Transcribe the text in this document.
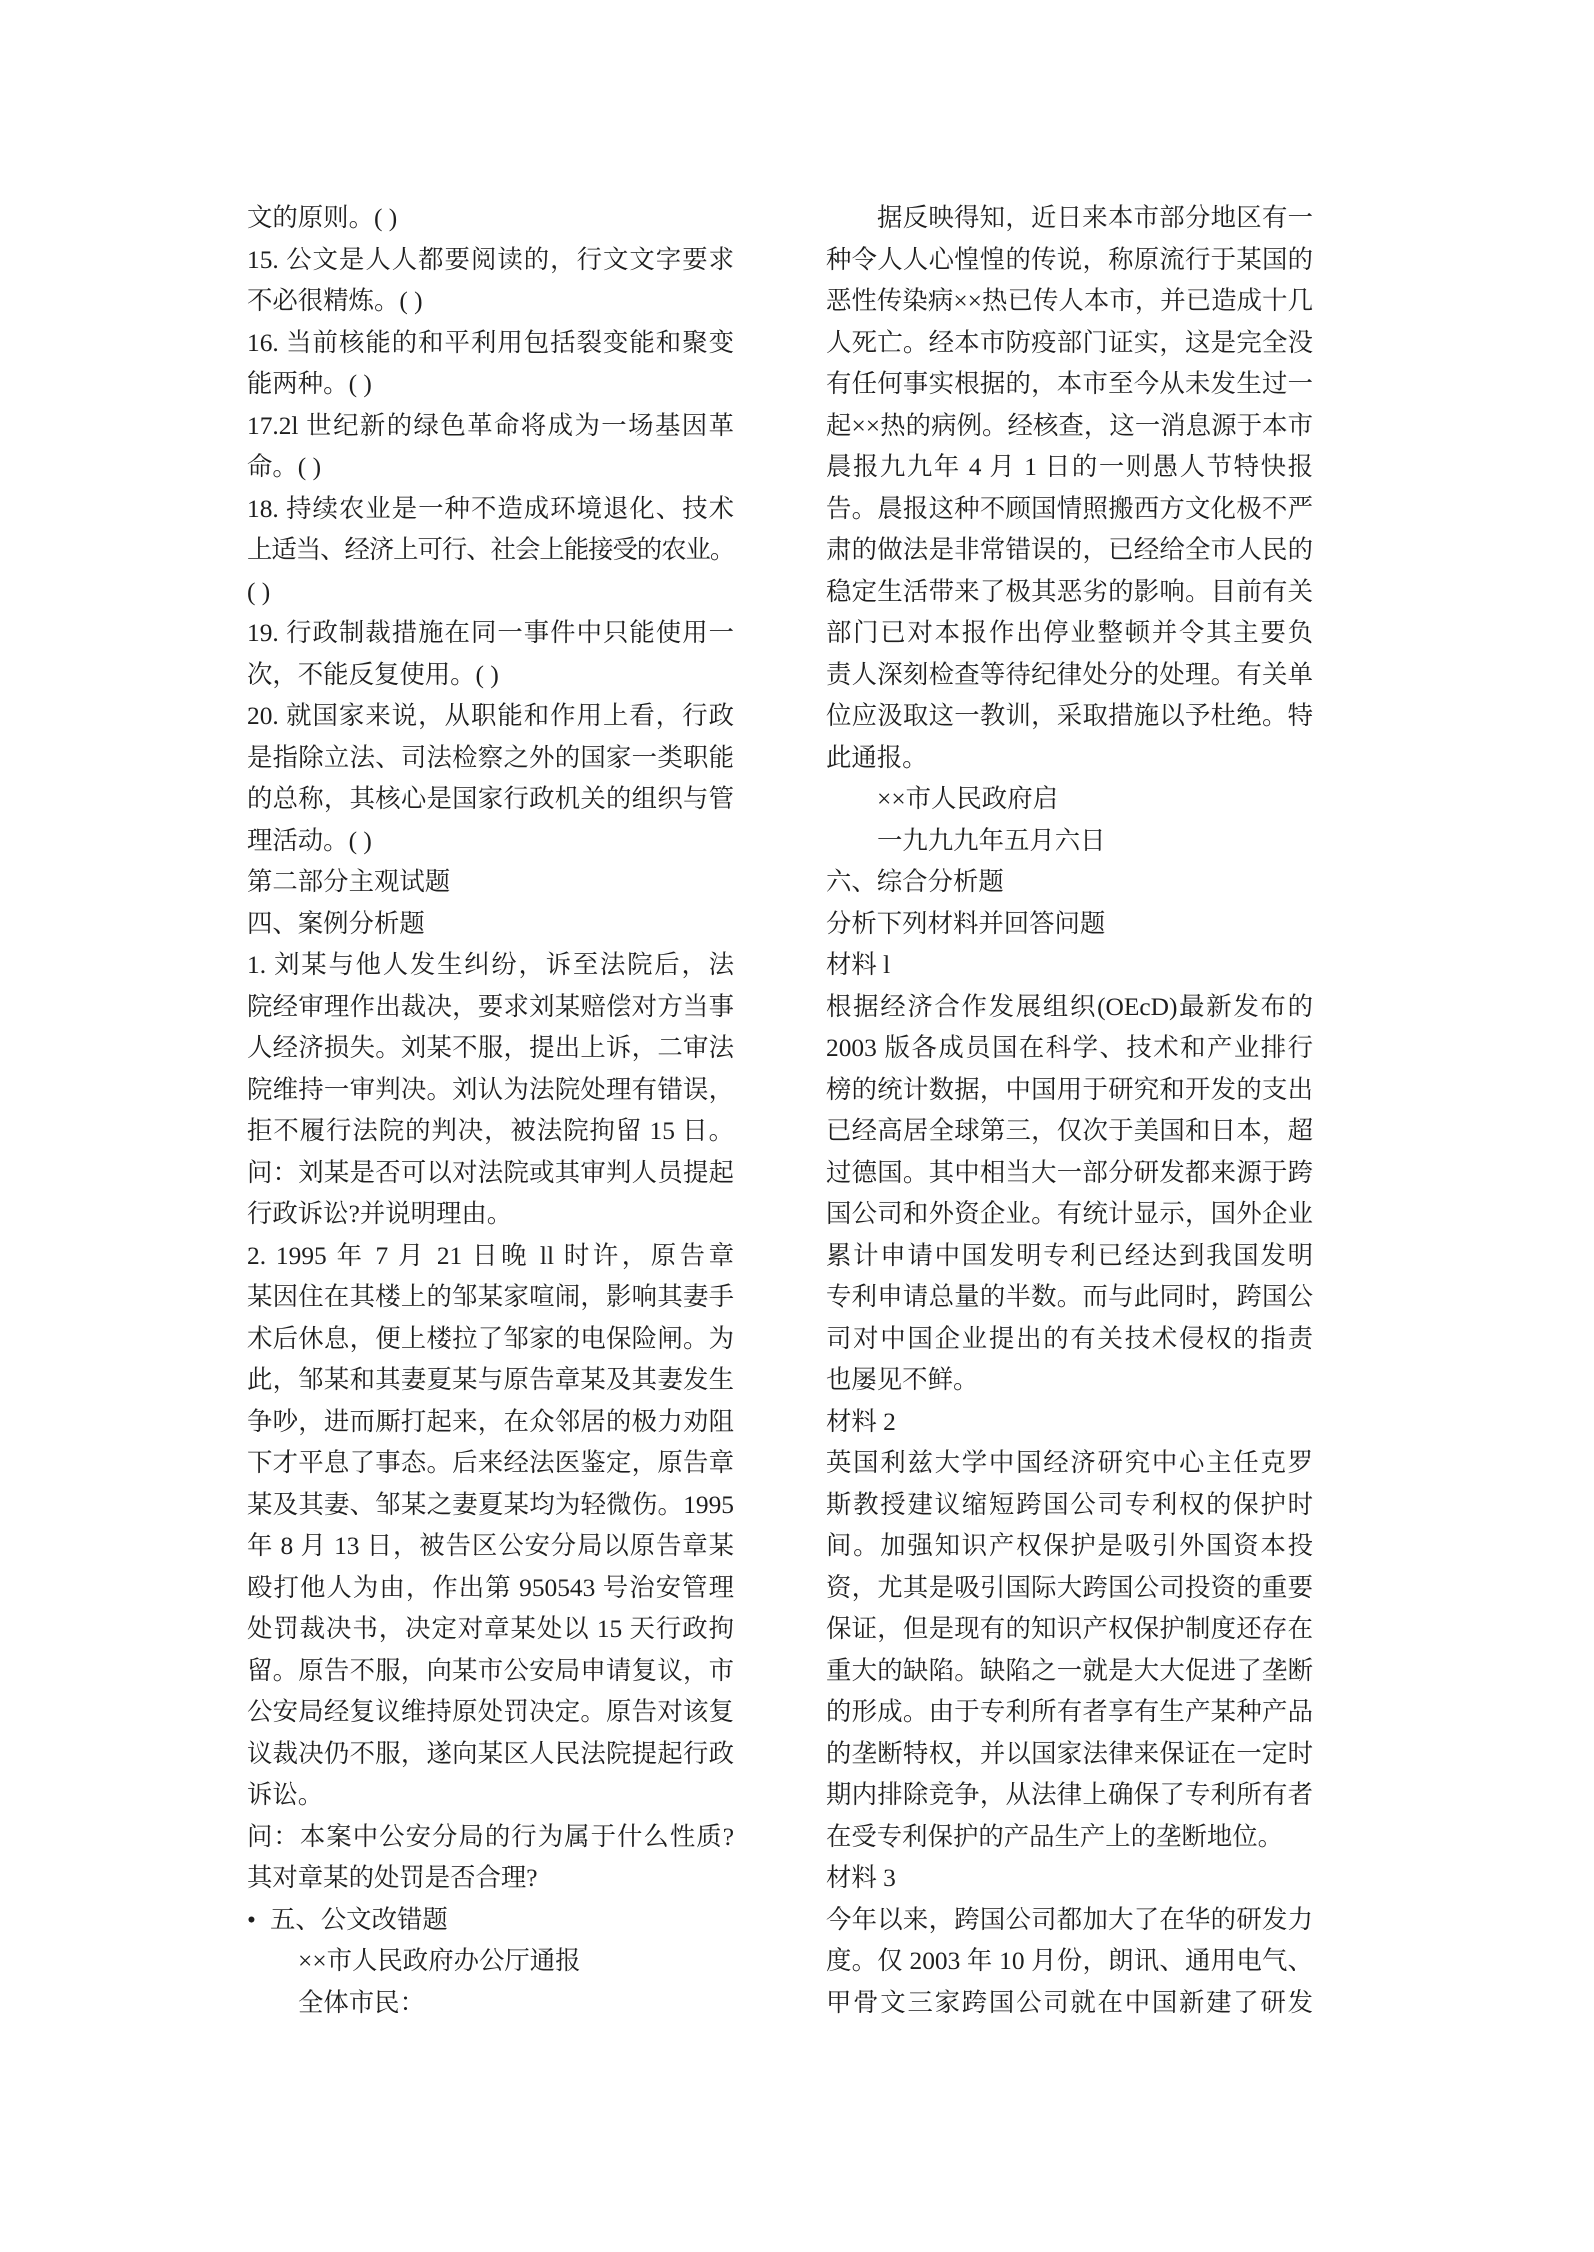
文的原则。( )
15. 公文是人人都要阅读的，行文文字要求
不必很精炼。( )
16. 当前核能的和平利用包括裂变能和聚变
能两种。( )
17.2l 世纪新的绿色革命将成为一场基因革
命。( )
18. 持续农业是一种不造成环境退化、技术
上适当、经济上可行、社会上能接受的农业。
( )
19. 行政制裁措施在同一事件中只能使用一
次，不能反复使用。( )
20. 就国家来说，从职能和作用上看，行政
是指除立法、司法检察之外的国家一类职能
的总称，其核心是国家行政机关的组织与管
理活动。( )
第二部分主观试题
四、案例分析题
1. 刘某与他人发生纠纷，诉至法院后，法
院经审理作出裁决，要求刘某赔偿对方当事
人经济损失。刘某不服，提出上诉，二审法
院维持一审判决。刘认为法院处理有错误，
拒不履行法院的判决，被法院拘留 15 日。
问：刘某是否可以对法院或其审判人员提起
行政诉讼?并说明理由。
2. 1995 年 7 月 21 日晚 ll 时许，原告章
某因住在其楼上的邹某家喧闹，影响其妻手
术后休息，便上楼拉了邹家的电保险闸。为
此，邹某和其妻夏某与原告章某及其妻发生
争吵，进而厮打起来，在众邻居的极力劝阻
下才平息了事态。后来经法医鉴定，原告章
某及其妻、邹某之妻夏某均为轻微伤。1995
年 8 月 13 日，被告区公安分局以原告章某
殴打他人为由，作出第 950543 号治安管理
处罚裁决书，决定对章某处以 15 天行政拘
留。原告不服，向某市公安局申请复议，市
公安局经复议维持原处罚决定。原告对该复
议裁决仍不服，遂向某区人民法院提起行政
诉讼。
问：本案中公安分局的行为属于什么性质?
其对章某的处罚是否合理?
• 五、公文改错题
××市人民政府办公厅通报
全体市民：
据反映得知，近日来本市部分地区有一
种令人人心惶惶的传说，称原流行于某国的
恶性传染病××热已传人本市，并已造成十几
人死亡。经本市防疫部门证实，这是完全没
有任何事实根据的，本市至今从未发生过一
起××热的病例。经核查，这一消息源于本市
晨报九九年 4 月 1 日的一则愚人节特快报
告。晨报这种不顾国情照搬西方文化极不严
肃的做法是非常错误的，已经给全市人民的
稳定生活带来了极其恶劣的影响。目前有关
部门已对本报作出停业整顿并令其主要负
责人深刻检查等待纪律处分的处理。有关单
位应汲取这一教训，采取措施以予杜绝。特
此通报。
××市人民政府启
一九九九年五月六日
六、综合分析题
分析下列材料并回答问题
材料 l
根据经济合作发展组织(OEcD)最新发布的
2003 版各成员国在科学、技术和产业排行
榜的统计数据，中国用于研究和开发的支出
已经高居全球第三，仅次于美国和日本，超
过德国。其中相当大一部分研发都来源于跨
国公司和外资企业。有统计显示，国外企业
累计申请中国发明专利已经达到我国发明
专利申请总量的半数。而与此同时，跨国公
司对中国企业提出的有关技术侵权的指责
也屡见不鲜。
材料 2
英国利兹大学中国经济研究中心主任克罗
斯教授建议缩短跨国公司专利权的保护时
间。加强知识产权保护是吸引外国资本投
资，尤其是吸引国际大跨国公司投资的重要
保证，但是现有的知识产权保护制度还存在
重大的缺陷。缺陷之一就是大大促进了垄断
的形成。由于专利所有者享有生产某种产品
的垄断特权，并以国家法律来保证在一定时
期内排除竞争，从法律上确保了专利所有者
在受专利保护的产品生产上的垄断地位。
材料 3
今年以来，跨国公司都加大了在华的研发力
度。仅 2003 年 10 月份，朗讯、通用电气、
甲骨文三家跨国公司就在中国新建了研发
